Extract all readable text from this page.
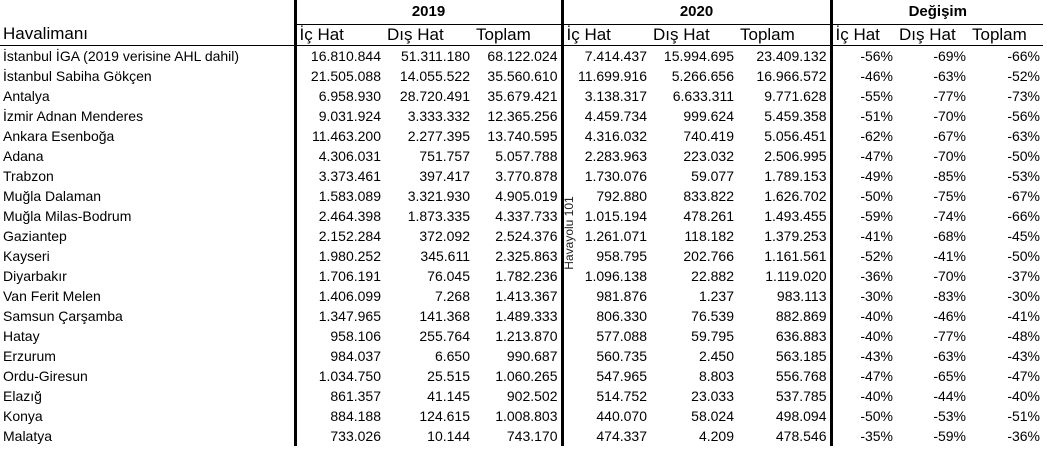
	2019			2020			Değişim		
Havalimanı	İç Hat	Dış Hat	Toplam	İç Hat	Dış Hat	Toplam	İç Hat	Dış Hat	Toplam
İstanbul İGA (2019 verisine AHL dahil)	16.810.844	51.311.180	68.122.024	7.414.437	15.994.695	23.409.132	-56%	-69%	-66%
İstanbul Sabiha Gökçen	21.505.088	14.055.522	35.560.610	11.699.916	5.266.656	16.966.572	-46%	-63%	-52%
Antalya	6.958.930	28.720.491	35.679.421	3.138.317	6.633.311	9.771.628	-55%	-77%	-73%
İzmir Adnan Menderes	9.031.924	3.333.332	12.365.256	4.459.734	999.624	5.459.358	-51%	-70%	-56%
Ankara Esenboğa	11.463.200	2.277.395	13.740.595	4.316.032	740.419	5.056.451	-62%	-67%	-63%
Adana	4.306.031	751.757	5.057.788	2.283.963	223.032	2.506.995	-47%	-70%	-50%
Trabzon	3.373.461	397.417	3.770.878	1.730.076	59.077	1.789.153	-49%	-85%	-53%
Muğla Dalaman	1.583.089	3.321.930	4.905.019	792.880	833.822	1.626.702	-50%	-75%	-67%
Muğla Milas-Bodrum	2.464.398	1.873.335	4.337.733	1.015.194	478.261	1.493.455	-59%	-74%	-66%
Gaziantep	2.152.284	372.092	2.524.376	1.261.071	118.182	1.379.253	-41%	-68%	-45%
Kayseri	1.980.252	345.611	2.325.863	958.795	202.766	1.161.561	-52%	-41%	-50%
Diyarbakır	1.706.191	76.045	1.782.236	1.096.138	22.882	1.119.020	-36%	-70%	-37%
Van Ferit Melen	1.406.099	7.268	1.413.367	981.876	1.237	983.113	-30%	-83%	-30%
Samsun Çarşamba	1.347.965	141.368	1.489.333	806.330	76.539	882.869	-40%	-46%	-41%
Hatay	958.106	255.764	1.213.870	577.088	59.795	636.883	-40%	-77%	-48%
Erzurum	984.037	6.650	990.687	560.735	2.450	563.185	-43%	-63%	-43%
Ordu-Giresun	1.034.750	25.515	1.060.265	547.965	8.803	556.768	-47%	-65%	-47%
Elazığ	861.357	41.145	902.502	514.752	23.033	537.785	-40%	-44%	-40%
Konya	884.188	124.615	1.008.803	440.070	58.024	498.094	-50%	-53%	-51%
Malatya	733.026	10.144	743.170	474.337	4.209	478.546	-35%	-59%	-36%
Havayolu 101
